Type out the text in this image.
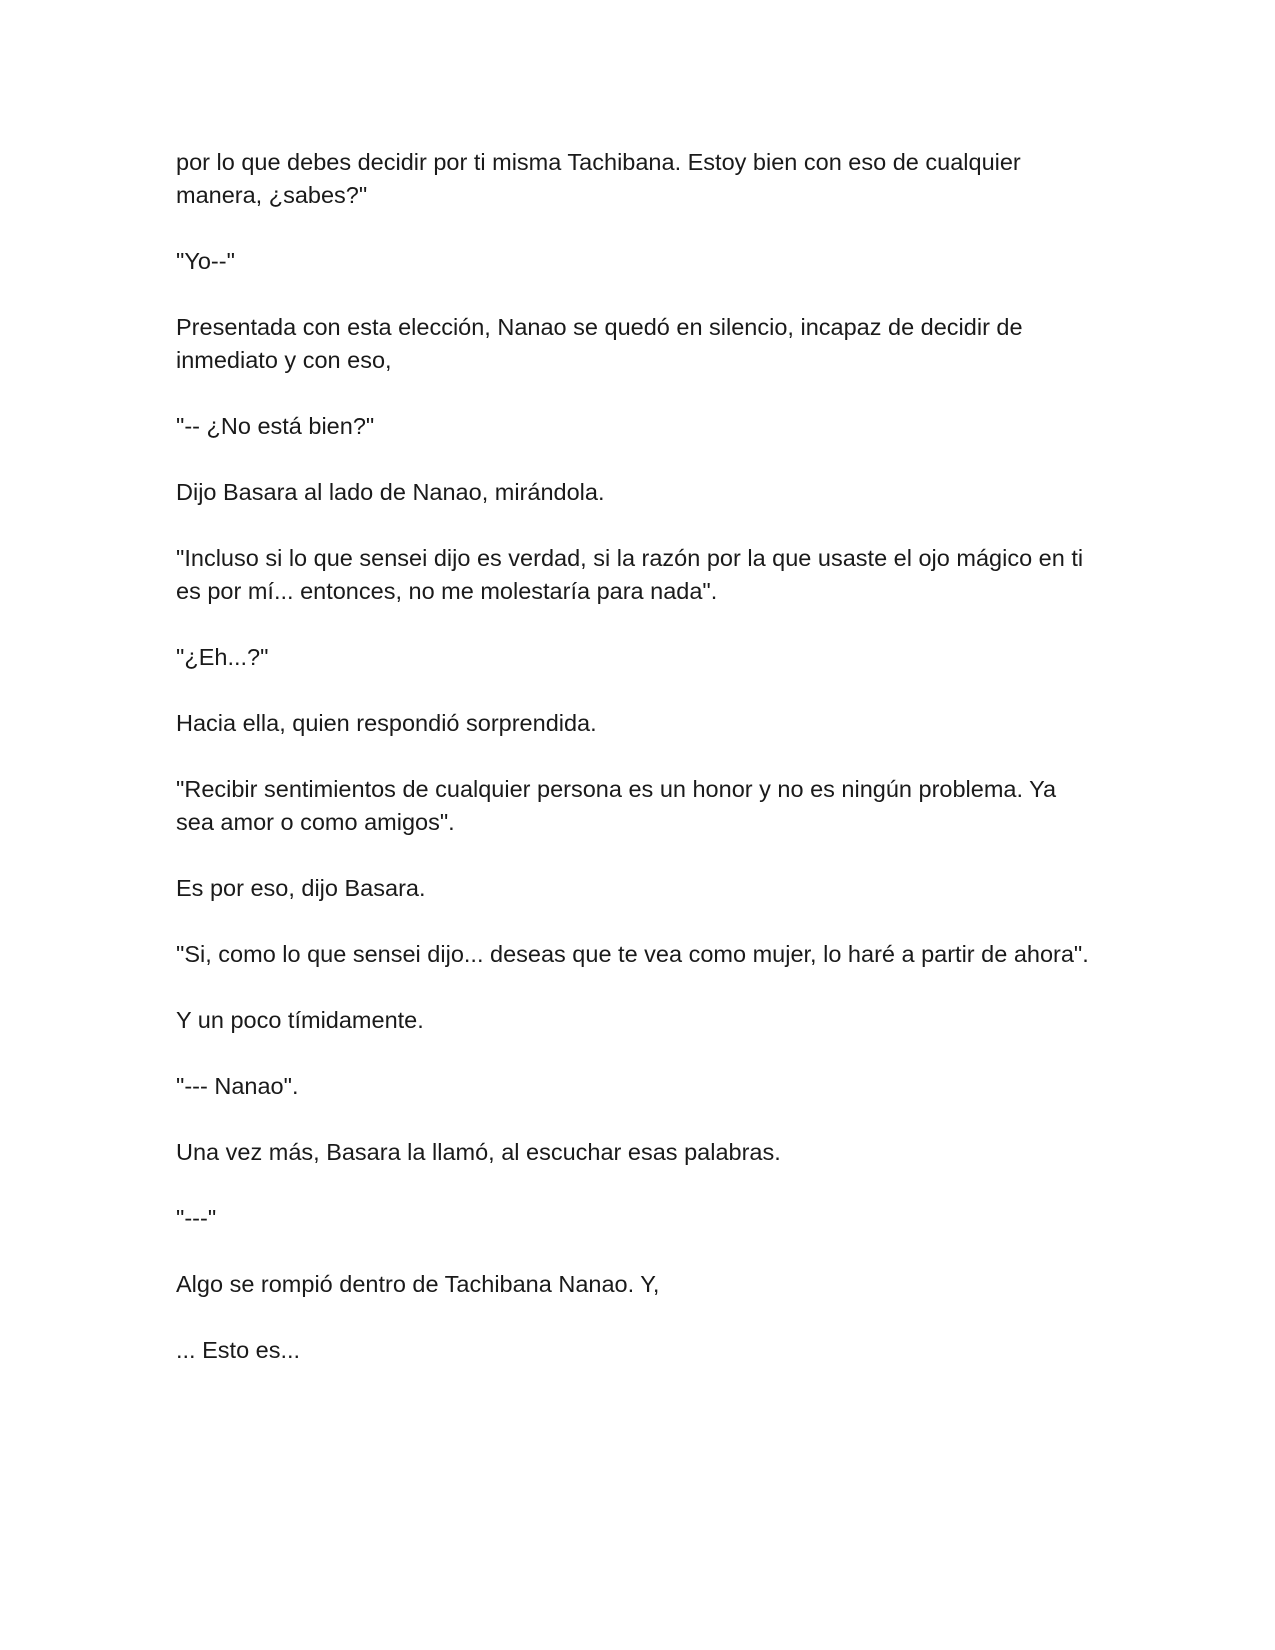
por lo que debes decidir por ti misma Tachibana. Estoy bien con eso de cualquier manera, ¿sabes?"

"Yo--"

Presentada con esta elección, Nanao se quedó en silencio, incapaz de decidir de inmediato y con eso,

"-- ¿No está bien?"

Dijo Basara al lado de Nanao, mirándola.

"Incluso si lo que sensei dijo es verdad, si la razón por la que usaste el ojo mágico en ti es por mí... entonces, no me molestaría para nada".

"¿Eh...?"

Hacia ella, quien respondió sorprendida.

"Recibir sentimientos de cualquier persona es un honor y no es ningún problema. Ya sea amor o como amigos".

Es por eso, dijo Basara.

"Si, como lo que sensei dijo... deseas que te vea como mujer, lo haré a partir de ahora".

Y un poco tímidamente.

"--- Nanao".

Una vez más, Basara la llamó, al escuchar esas palabras.

"---"

Algo se rompió dentro de Tachibana Nanao. Y,

... Esto es...
